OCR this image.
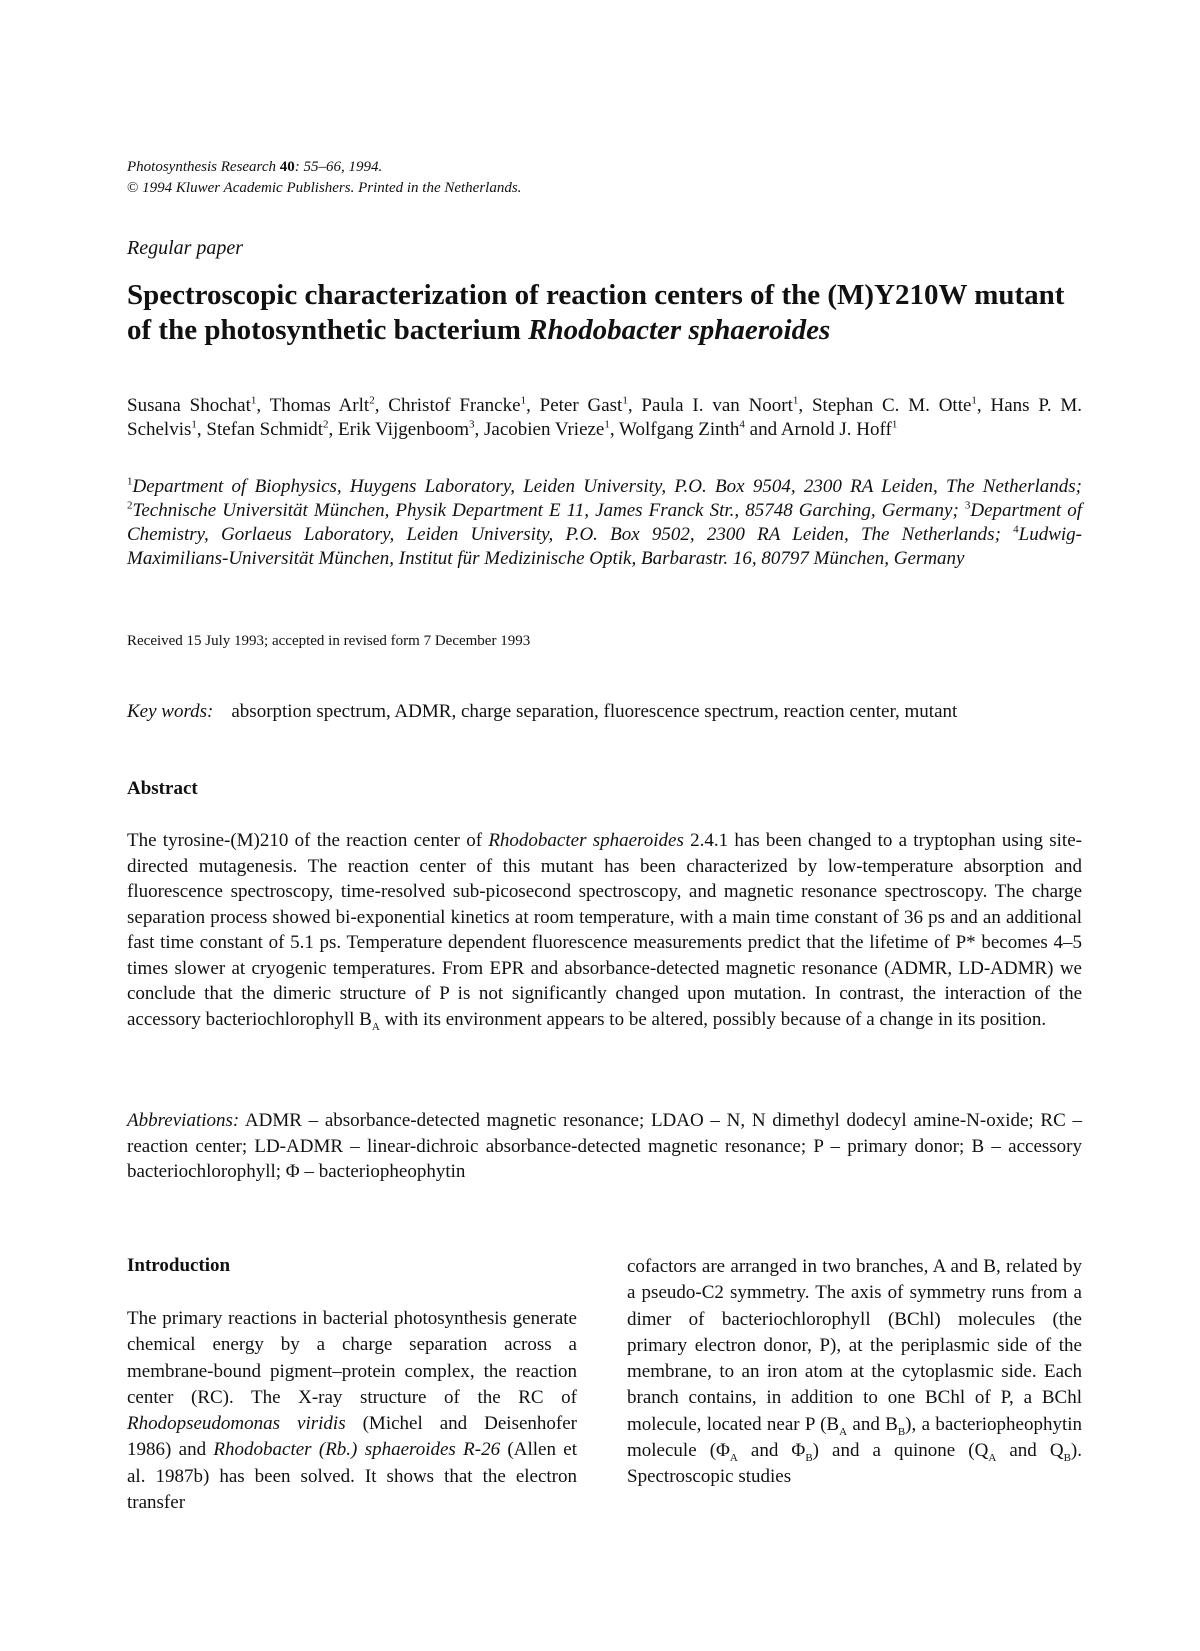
Photosynthesis Research 40: 55–66, 1994.
© 1994 Kluwer Academic Publishers. Printed in the Netherlands.
Regular paper
Spectroscopic characterization of reaction centers of the (M)Y210W mutant of the photosynthetic bacterium Rhodobacter sphaeroides
Susana Shochat$^1$, Thomas Arlt$^2$, Christof Francke$^1$, Peter Gast$^1$, Paula I. van Noort$^1$, Stephan C. M. Otte$^1$, Hans P. M. Schelvis$^1$, Stefan Schmidt$^2$, Erik Vijgenboom$^3$, Jacobien Vrieze$^1$, Wolfgang Zinth$^4$ and Arnold J. Hoff$^1$
$^1$Department of Biophysics, Huygens Laboratory, Leiden University, P.O. Box 9504, 2300 RA Leiden, The Netherlands; $^2$Technische Universität München, Physik Department E 11, James Franck Str., 85748 Garching, Germany; $^3$Department of Chemistry, Gorlaeus Laboratory, Leiden University, P.O. Box 9502, 2300 RA Leiden, The Netherlands; $^4$Ludwig-Maximilians-Universität München, Institut für Medizinische Optik, Barbarastr. 16, 80797 München, Germany
Received 15 July 1993; accepted in revised form 7 December 1993
Key words: absorption spectrum, ADMR, charge separation, fluorescence spectrum, reaction center, mutant
Abstract
The tyrosine-(M)210 of the reaction center of Rhodobacter sphaeroides 2.4.1 has been changed to a tryptophan using site-directed mutagenesis. The reaction center of this mutant has been characterized by low-temperature absorption and fluorescence spectroscopy, time-resolved sub-picosecond spectroscopy, and magnetic resonance spectroscopy. The charge separation process showed bi-exponential kinetics at room temperature, with a main time constant of 36 ps and an additional fast time constant of 5.1 ps. Temperature dependent fluorescence measurements predict that the lifetime of P* becomes 4–5 times slower at cryogenic temperatures. From EPR and absorbance-detected magnetic resonance (ADMR, LD-ADMR) we conclude that the dimeric structure of P is not significantly changed upon mutation. In contrast, the interaction of the accessory bacteriochlorophyll $B_A$ with its environment appears to be altered, possibly because of a change in its position.
Abbreviations: ADMR – absorbance-detected magnetic resonance; LDAO – N, N dimethyl dodecyl amine-N-oxide; RC – reaction center; LD-ADMR – linear-dichroic absorbance-detected magnetic resonance; P – primary donor; B – accessory bacteriochlorophyll; Φ – bacteriopheophytin
Introduction
The primary reactions in bacterial photosynthesis generate chemical energy by a charge separation across a membrane-bound pigment–protein complex, the reaction center (RC). The X-ray structure of the RC of Rhodopseudomonas viridis (Michel and Deisenhofer 1986) and Rhodobacter (Rb.) sphaeroides R-26 (Allen et al. 1987b) has been solved. It shows that the electron transfer
cofactors are arranged in two branches, A and B, related by a pseudo-C2 symmetry. The axis of symmetry runs from a dimer of bacteriochlorophyll (BChl) molecules (the primary electron donor, P), at the periplasmic side of the membrane, to an iron atom at the cytoplasmic side. Each branch contains, in addition to one BChl of P, a BChl molecule, located near P ($B_A$ and $B_B$), a bacteriopheophytin molecule ($\Phi_A$ and $\Phi_B$) and a quinone ($Q_A$ and $Q_B$). Spectroscopic studies
